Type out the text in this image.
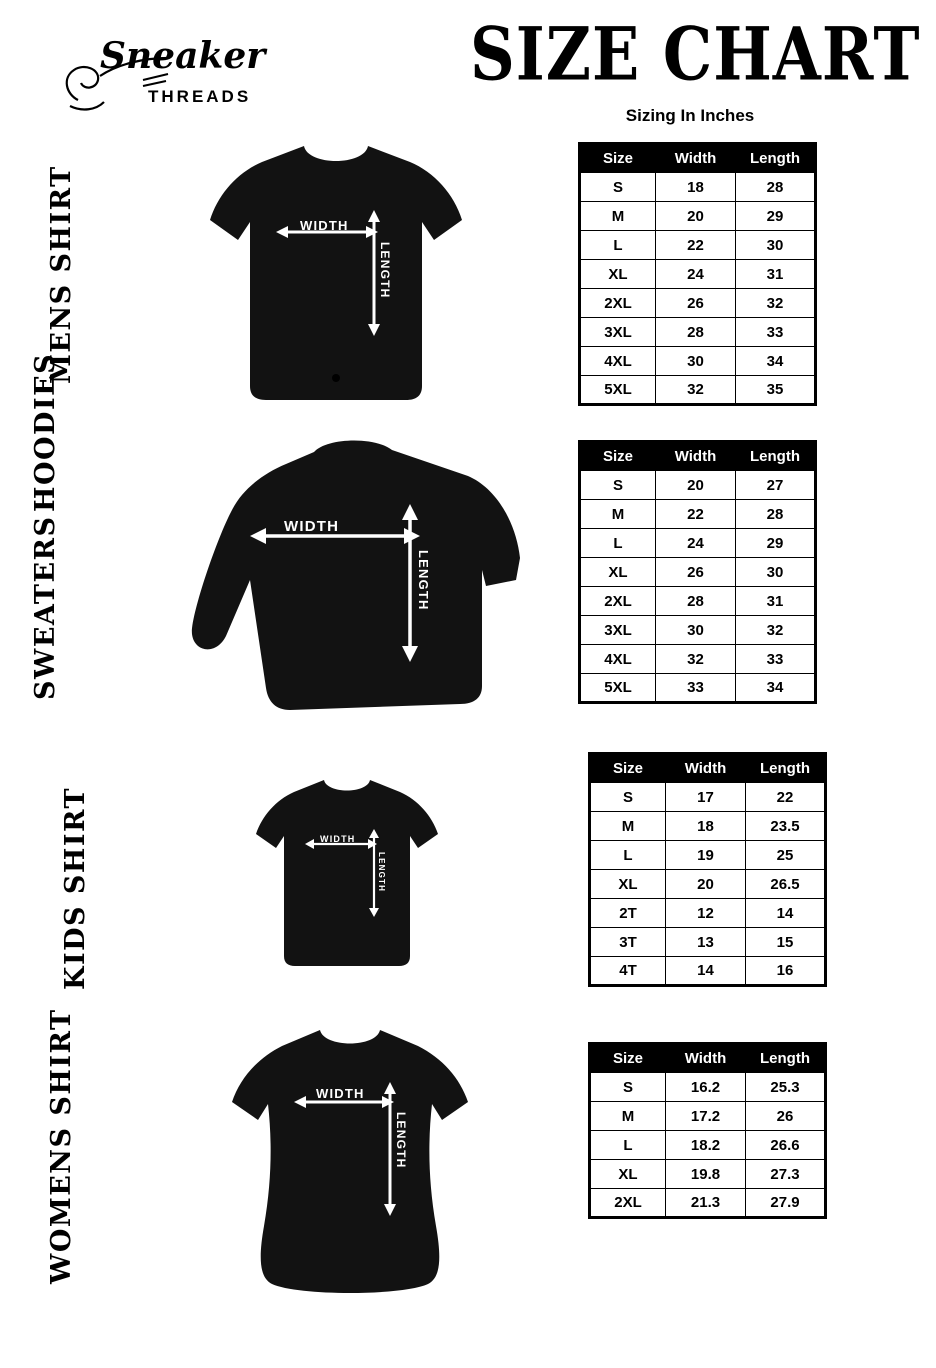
Sneaker
THREADS	SIZE CHART
Sizing In Inches
MENS SHIRT	WIDTH
LENGTH
Size	Width	Length
S	18	28
M	20	29
L	22	30
XL	24	31
2XL	26	32
3XL	28	33
4XL	30	34
5XL	32	35
SWEATERS
HOODIES
WIDTH
LENGTH
Size	Width	Length
S	20	27
M	22	28
L	24	29
XL	26	30
2XL	28	31
3XL	30	32
4XL	32	33
5XL	33	34
KIDS SHIRT	WIDTH
LENGTH
Size	Width	Length
S	17	22
M	18	23.5
L	19	25
XL	20	26.5
2T	12	14
3T	13	15
4T	14	16
WOMENS SHIRT	WIDTH
LENGTH
Size	Width	Length
S	16.2	25.3
M	17.2	26
L	18.2	26.6
XL	19.8	27.3
2XL	21.3	27.9
